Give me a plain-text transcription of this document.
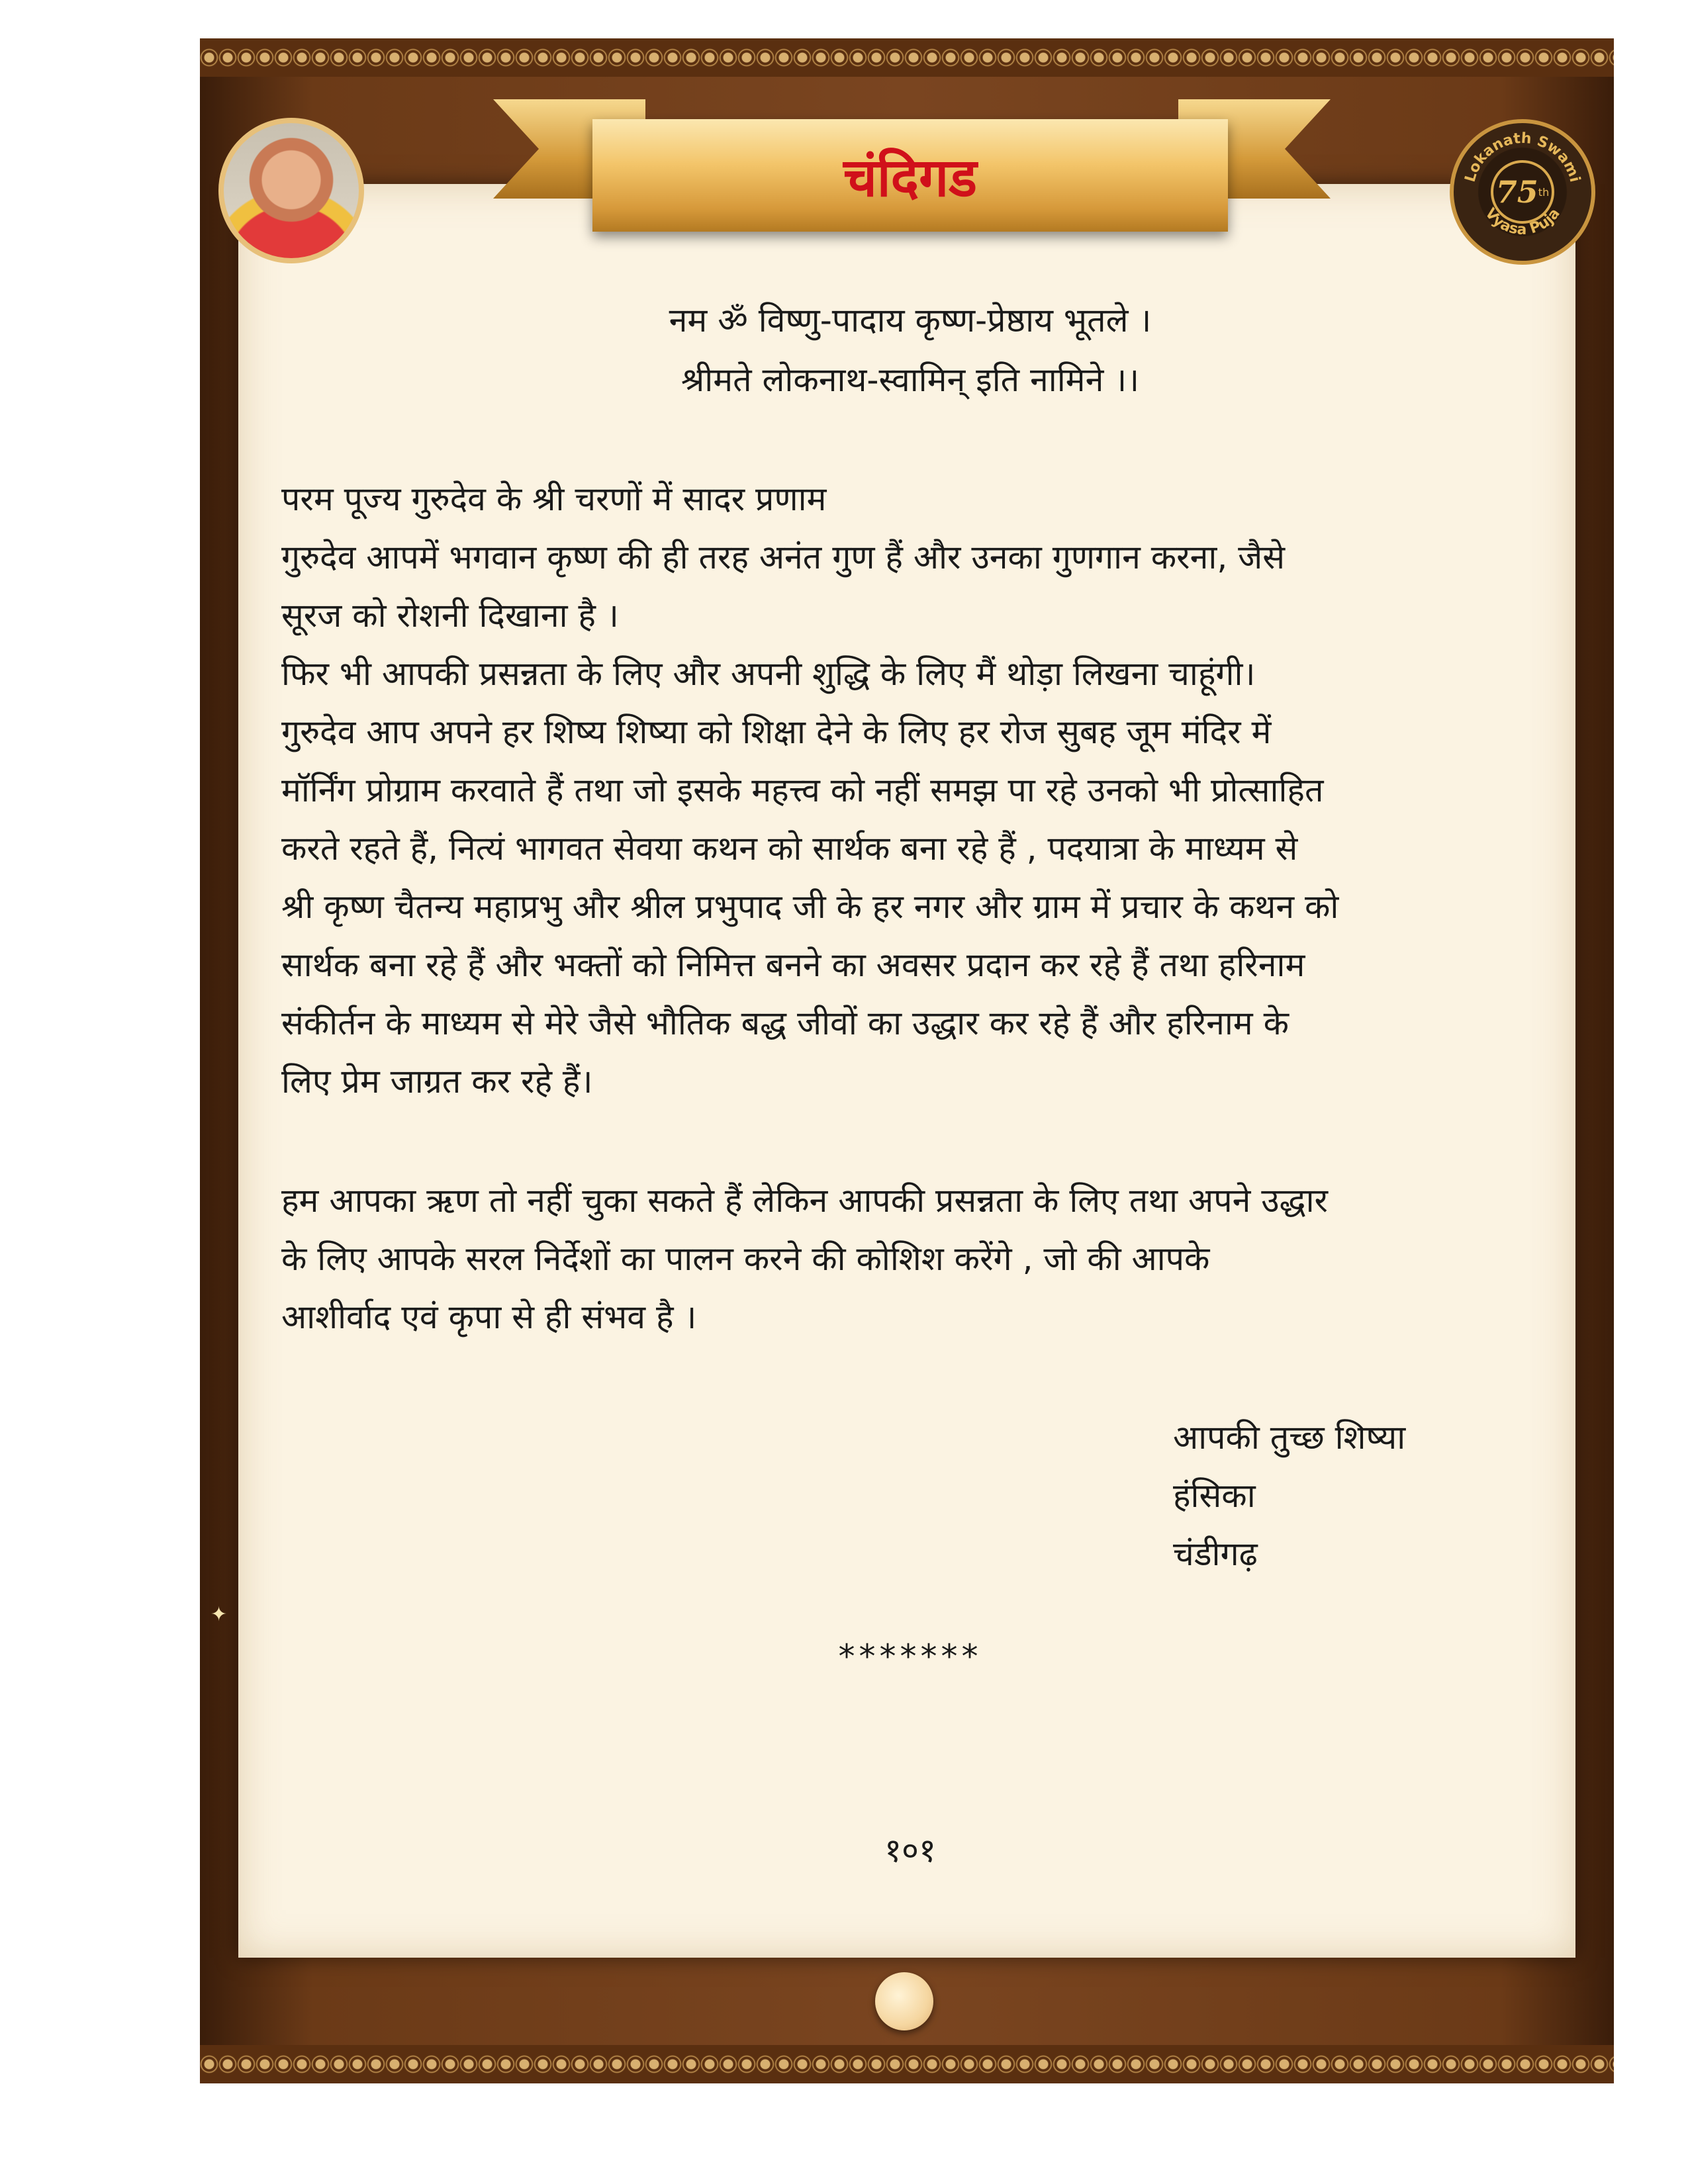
चंदिगड	Lokanath Swami
Vyasa Puja
75 th
नम ॐ विष्णु-पादाय कृष्ण-प्रेष्ठाय भूतले ।
श्रीमते लोकनाथ-स्वामिन् इति नामिने ।।
परम पूज्य गुरुदेव के श्री चरणों में सादर प्रणाम
गुरुदेव आपमें भगवान कृष्ण की ही तरह अनंत गुण हैं और उनका गुणगान करना, जैसे
सूरज को रोशनी दिखाना है ।
फिर भी आपकी प्रसन्नता के लिए और अपनी शुद्धि के लिए मैं थोड़ा लिखना चाहूंगी।
गुरुदेव आप अपने हर शिष्य शिष्या को शिक्षा देने के लिए हर रोज सुबह जूम मंदिर में
मॉर्निंग प्रोग्राम करवाते हैं तथा जो इसके महत्त्व को नहीं समझ पा रहे उनको भी प्रोत्साहित
करते रहते हैं, नित्यं भागवत सेवया कथन को सार्थक बना रहे हैं , पदयात्रा के माध्यम से
श्री कृष्ण चैतन्य महाप्रभु और श्रील प्रभुपाद जी के हर नगर और ग्राम में प्रचार के कथन को
सार्थक बना रहे हैं और भक्तों को निमित्त बनने का अवसर प्रदान कर रहे हैं तथा हरिनाम
संकीर्तन के माध्यम से मेरे जैसे भौतिक बद्ध जीवों का उद्धार कर रहे हैं और हरिनाम के
लिए प्रेम जाग्रत कर रहे हैं।
हम आपका ऋण तो नहीं चुका सकते हैं लेकिन आपकी प्रसन्नता के लिए तथा अपने उद्धार
के लिए आपके सरल निर्देशों का पालन करने की कोशिश करेंगे , जो की आपके
आशीर्वाद एवं कृपा से ही संभव है ।
आपकी तुच्छ शिष्या
हंसिका
चंडीगढ़
*******
१०१
✦
